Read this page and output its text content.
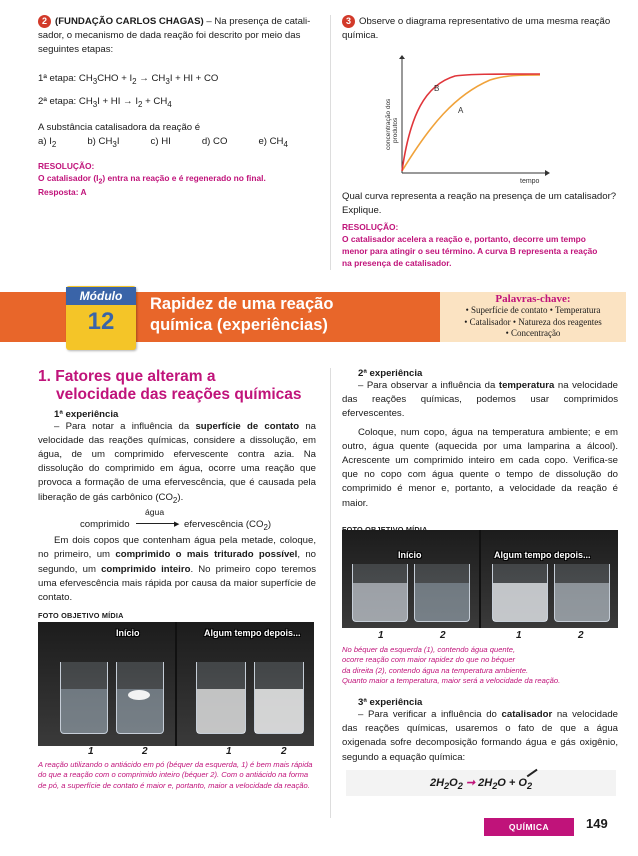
2 (FUNDAÇÃO CARLOS CHAGAS) – Na presença de catali-
sador, o mecanismo de dada reação foi descrito por meio das
seguintes etapas:
1ª etapa: $CH_3CHO + I_2 \to CH_3I$ + HI + CO
2ª etapa: $CH_3I$ + HI → $I_2 + CH_4$
A substância catalisadora da reação é
a) $I_2$	b) $CH_3I$	c) HI	d) CO	e) $CH_4$
RESOLUÇÃO:
O catalisador $(I_2)$ entra na reação e é regenerado no final.
Resposta: A
3 Observe o diagrama representativo de uma mesma reação
química.
B
A
tempo
concentração dos produtos
Qual curva representa a reação na presença de um catalisador?
Explique.
RESOLUÇÃO:
O catalisador acelera a reação e, portanto, decorre um tempo
menor para atingir o seu término. A curva B representa a reação
na presença de catalisador.
Módulo
12
Rapidez de uma reação
química (experiências)
Palavras-chave:
• Superfície de contato • Temperatura
• Catalisador • Natureza dos reagentes
• Concentração
1. Fatores que alteram a
velocidade das reações químicas
1ª experiência
– Para notar a influência da superfície de contato na velocidade das reações químicas, considere a dissolução, em água, de um comprimido efervescente contra azia. Na dissolução do comprimido em água, ocorre uma reação que provoca a formação de uma efervescência, que é causada pela liberação de gás carbônico $(CO_2)$.
comprimido
água
▶ efervescência $(CO_2)$
Em dois copos que contenham água pela metade, coloque, no primeiro, um comprimido o mais triturado possível, no segundo, um comprimido inteiro. No primeiro copo teremos uma efervescência mais rápida por causa da maior superfície de contato.
FOTO OBJETIVO MÍDIA
Início	Algum tempo depois...
1	2	1	2
A reação utilizando o antiácido em pó (béquer da esquerda, 1) é bem mais rápida do que a reação com o comprimido inteiro (béquer 2). Com o antiácido na forma de pó, a superfície de contato é maior e, portanto, maior a velocidade da reação.
2ª experiência
– Para observar a influência da temperatura na velocidade das reações químicas, podemos usar comprimidos efervescentes.
Coloque, num copo, água na temperatura ambiente; e em outro, água quente (aquecida por uma lamparina a álcool). Acrescente um comprimido inteiro em cada copo. Verifica-se que no copo com água quente o tempo de dissolução do comprimido é menor e, portanto, a velocidade da reação é maior.
Início	Algum tempo depois...
1	2	1	2
No béquer da esquerda (1), contendo água quente,
ocorre reação com maior rapidez do que no béquer
da direita (2), contendo água na temperatura ambiente.
Quanto maior a temperatura, maior será a velocidade da reação.
3ª experiência
– Para verificar a influência do catalisador na velocidade das reações químicas, usaremos o fato de que a água oxigenada sofre decomposição formando água e gás oxigênio, segundo a equação química:
$2H_2O_2$ ➞ $2H_2O + O_2$
QUÍMICA	149
